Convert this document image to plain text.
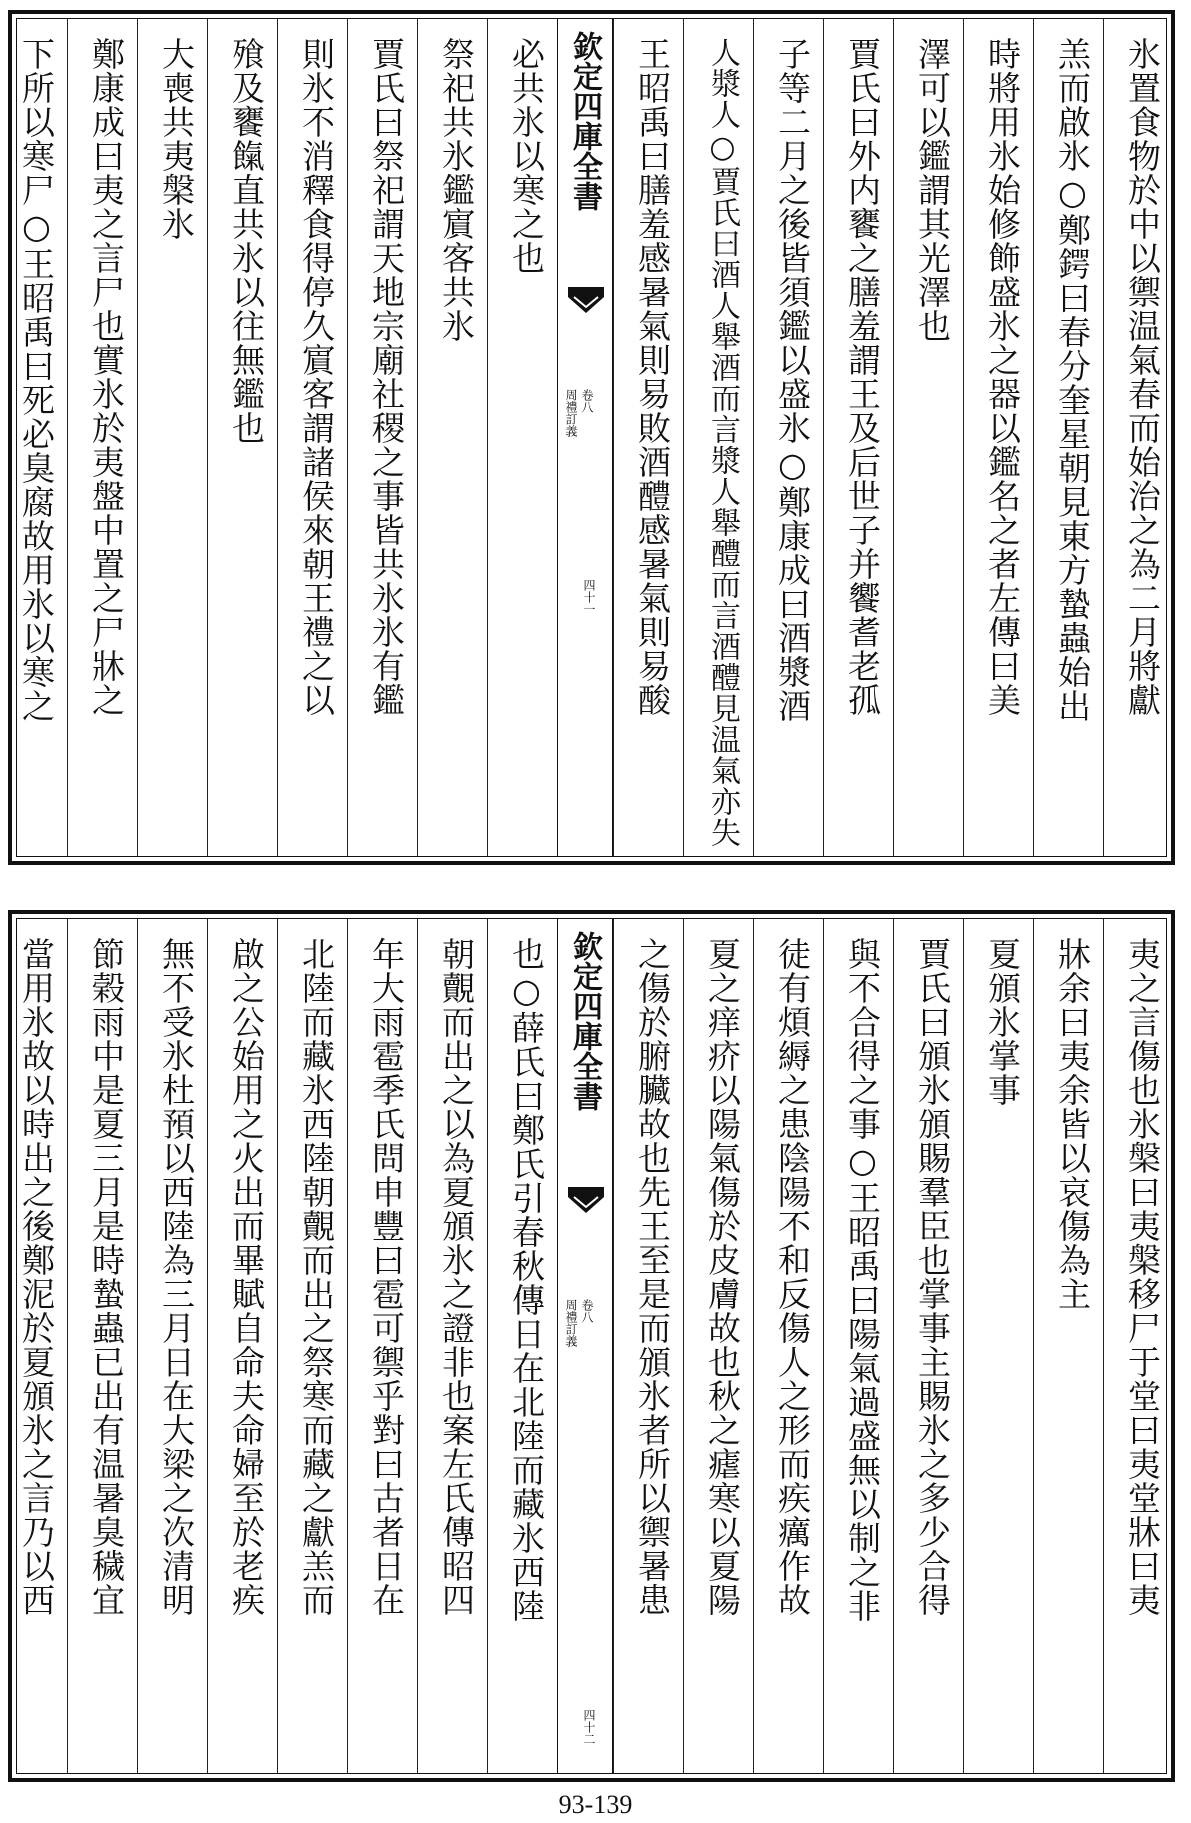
氷置食物於中以禦温氣春而始治之為二月將獻
羔而啟氷○鄭鍔曰春分奎星朝見東方蟄蟲始出
時將用氷始修飾盛氷之器以鑑名之者左傳曰美
澤可以鑑謂其光澤也
賈氏曰外内饔之膳羞謂王及后世子并饗耆老孤
子等二月之後皆須鑑以盛氷○鄭康成曰酒漿酒
人漿人○賈氏曰酒人舉酒而言漿人舉醴而言酒醴見温氣亦失
王昭禹曰膳羞感暑氣則易敗酒醴感暑氣則易酸
欽定四庫全書
周禮訂義 卷八
四十一
必共氷以寒之也
祭祀共氷鑑賔客共氷
賈氏曰祭祀謂天地宗廟社稷之事皆共氷氷有鑑
則氷不消釋食得停久賔客謂諸侯來朝王禮之以
飱及饔餼直共氷以往無鑑也
大喪共夷槃氷
鄭康成曰夷之言尸也實氷於夷盤中置之尸牀之
下所以寒尸○王昭禹曰死必臭腐故用氷以寒之
夷之言傷也氷槃曰夷槃移尸于堂曰夷堂牀曰夷
牀余曰夷余皆以哀傷為主
夏頒氷掌事
賈氏曰頒氷頒賜羣臣也掌事主賜氷之多少合得
與不合得之事○王昭禹曰陽氣過盛無以制之非
徒有煩縟之患陰陽不和反傷人之形而疾癘作故
夏之痒疥以陽氣傷於皮膚故也秋之瘧寒以夏陽
之傷於腑臟故也先王至是而頒氷者所以禦暑患
欽定四庫全書
周禮訂義 卷八
四十二
也○薛氏曰鄭氏引春秋傳日在北陸而藏氷西陸
朝覿而出之以為夏頒氷之證非也案左氏傳昭四
年大雨雹季氏問申豐曰雹可禦乎對曰古者日在
北陸而藏氷西陸朝覿而出之祭寒而藏之獻羔而
啟之公始用之火出而畢賦自命夫命婦至於老疾
無不受氷杜預以西陸為三月日在大梁之次清明
節榖雨中是夏三月是時蟄蟲已出有温暑臭穢宜
當用氷故以時出之後鄭泥於夏頒氷之言乃以西
93-139
